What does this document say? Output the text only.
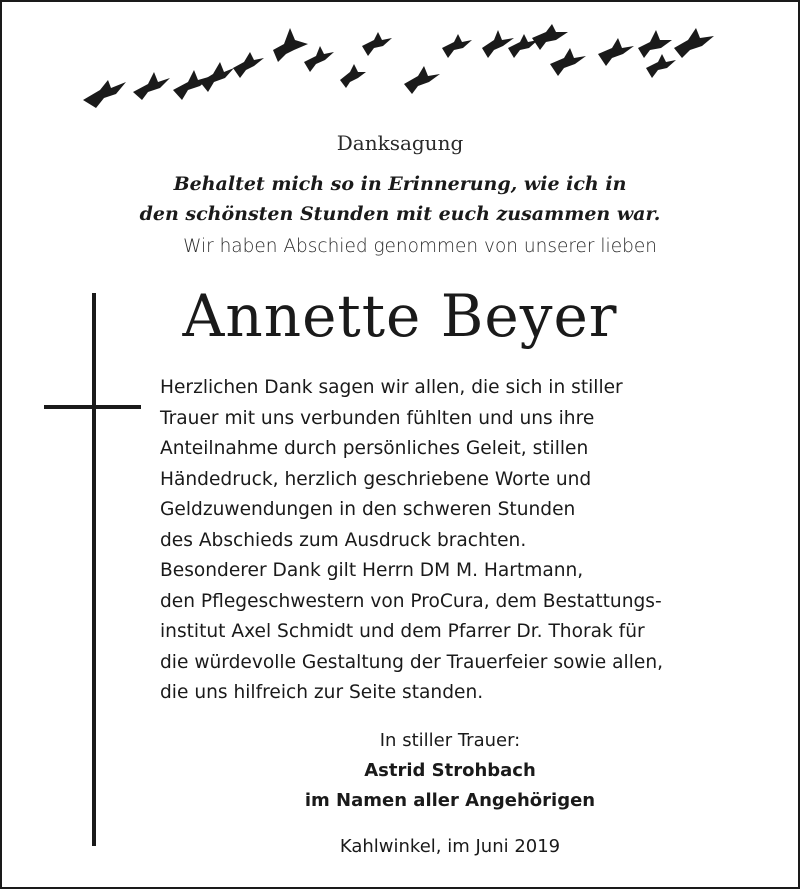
Danksagung
Behaltet mich so in Erinnerung, wie ich in
den schönsten Stunden mit euch zusammen war.
Wir haben Abschied genommen von unserer lieben
Annette Beyer
Herzlichen Dank sagen wir allen, die sich in stiller
Trauer mit uns verbunden fühlten und uns ihre
Anteilnahme durch persönliches Geleit, stillen
Händedruck, herzlich geschriebene Worte und
Geldzuwendungen in den schweren Stunden
des Abschieds zum Ausdruck brachten.
Besonderer Dank gilt Herrn DM M. Hartmann,
den Pflegeschwestern von ProCura, dem Bestattungs-
institut Axel Schmidt und dem Pfarrer Dr. Thorak für
die würdevolle Gestaltung der Trauerfeier sowie allen,
die uns hilfreich zur Seite standen.
In stiller Trauer:
Astrid Strohbach
im Namen aller Angehörigen
Kahlwinkel, im Juni 2019
